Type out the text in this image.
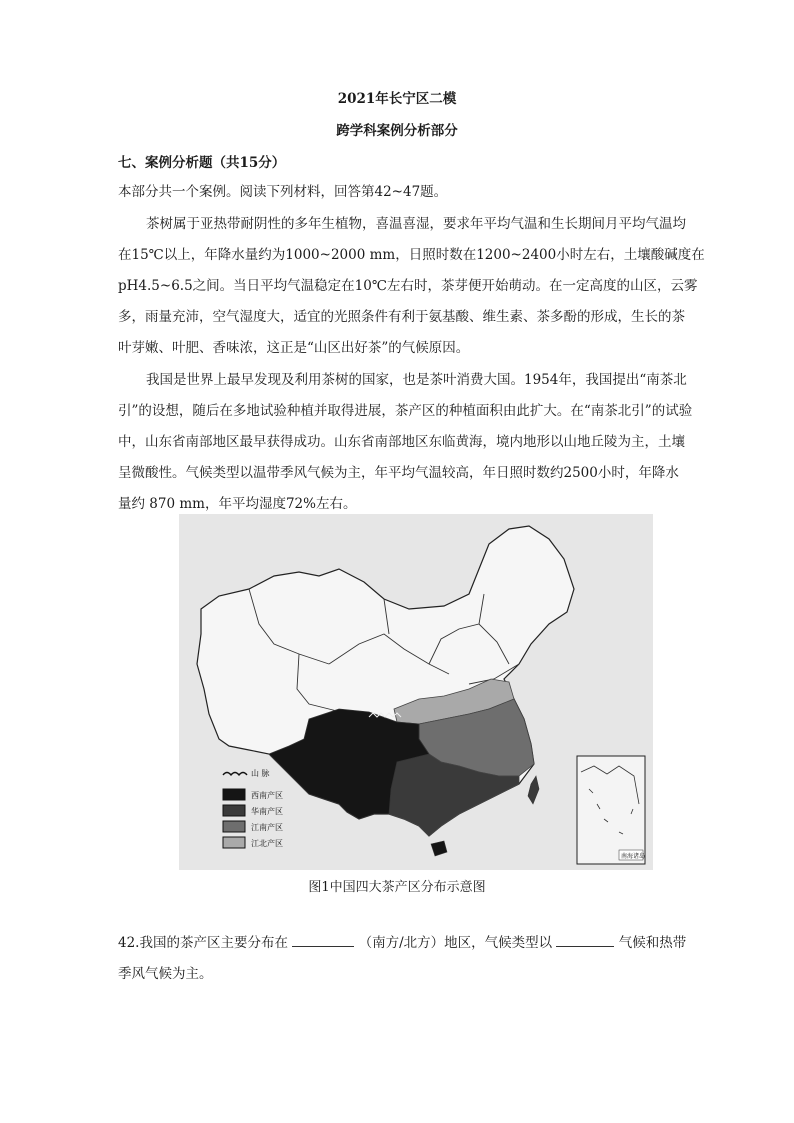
2021年长宁区二模
跨学科案例分析部分
七、案例分析题（共15分）
本部分共一个案例。阅读下列材料，回答第42~47题。
茶树属于亚热带耐阴性的多年生植物，喜温喜湿，要求年平均气温和生长期间月平均气温均
在15℃以上，年降水量约为1000~2000 mm，日照时数在1200~2400小时左右，土壤酸碱度在
pH4.5~6.5之间。当日平均气温稳定在10℃左右时，茶芽便开始萌动。在一定高度的山区，云雾
多，雨量充沛，空气湿度大，适宜的光照条件有利于氨基酸、维生素、茶多酚的形成，生长的茶
叶芽嫩、叶肥、香味浓，这正是“山区出好茶”的气候原因。
我国是世界上最早发现及利用茶树的国家，也是茶叶消费大国。1954年，我国提出“南茶北
引”的设想，随后在多地试验种植并取得进展，茶产区的种植面积由此扩大。在“南茶北引”的试验
中，山东省南部地区最早获得成功。山东省南部地区东临黄海，境内地形以山地丘陵为主，土壤
呈微酸性。气候类型以温带季风气候为主，年平均气温较高，年日照时数约2500小时，年降水
量约 870 mm，年平均湿度72%左右。
山 脉
西南产区
华南产区
江南产区
江北产区
南海诸岛
图1中国四大茶产区分布示意图
42.我国的茶产区主要分布在	（南方/北方）地区，气候类型以	气候和热带
季风气候为主。
